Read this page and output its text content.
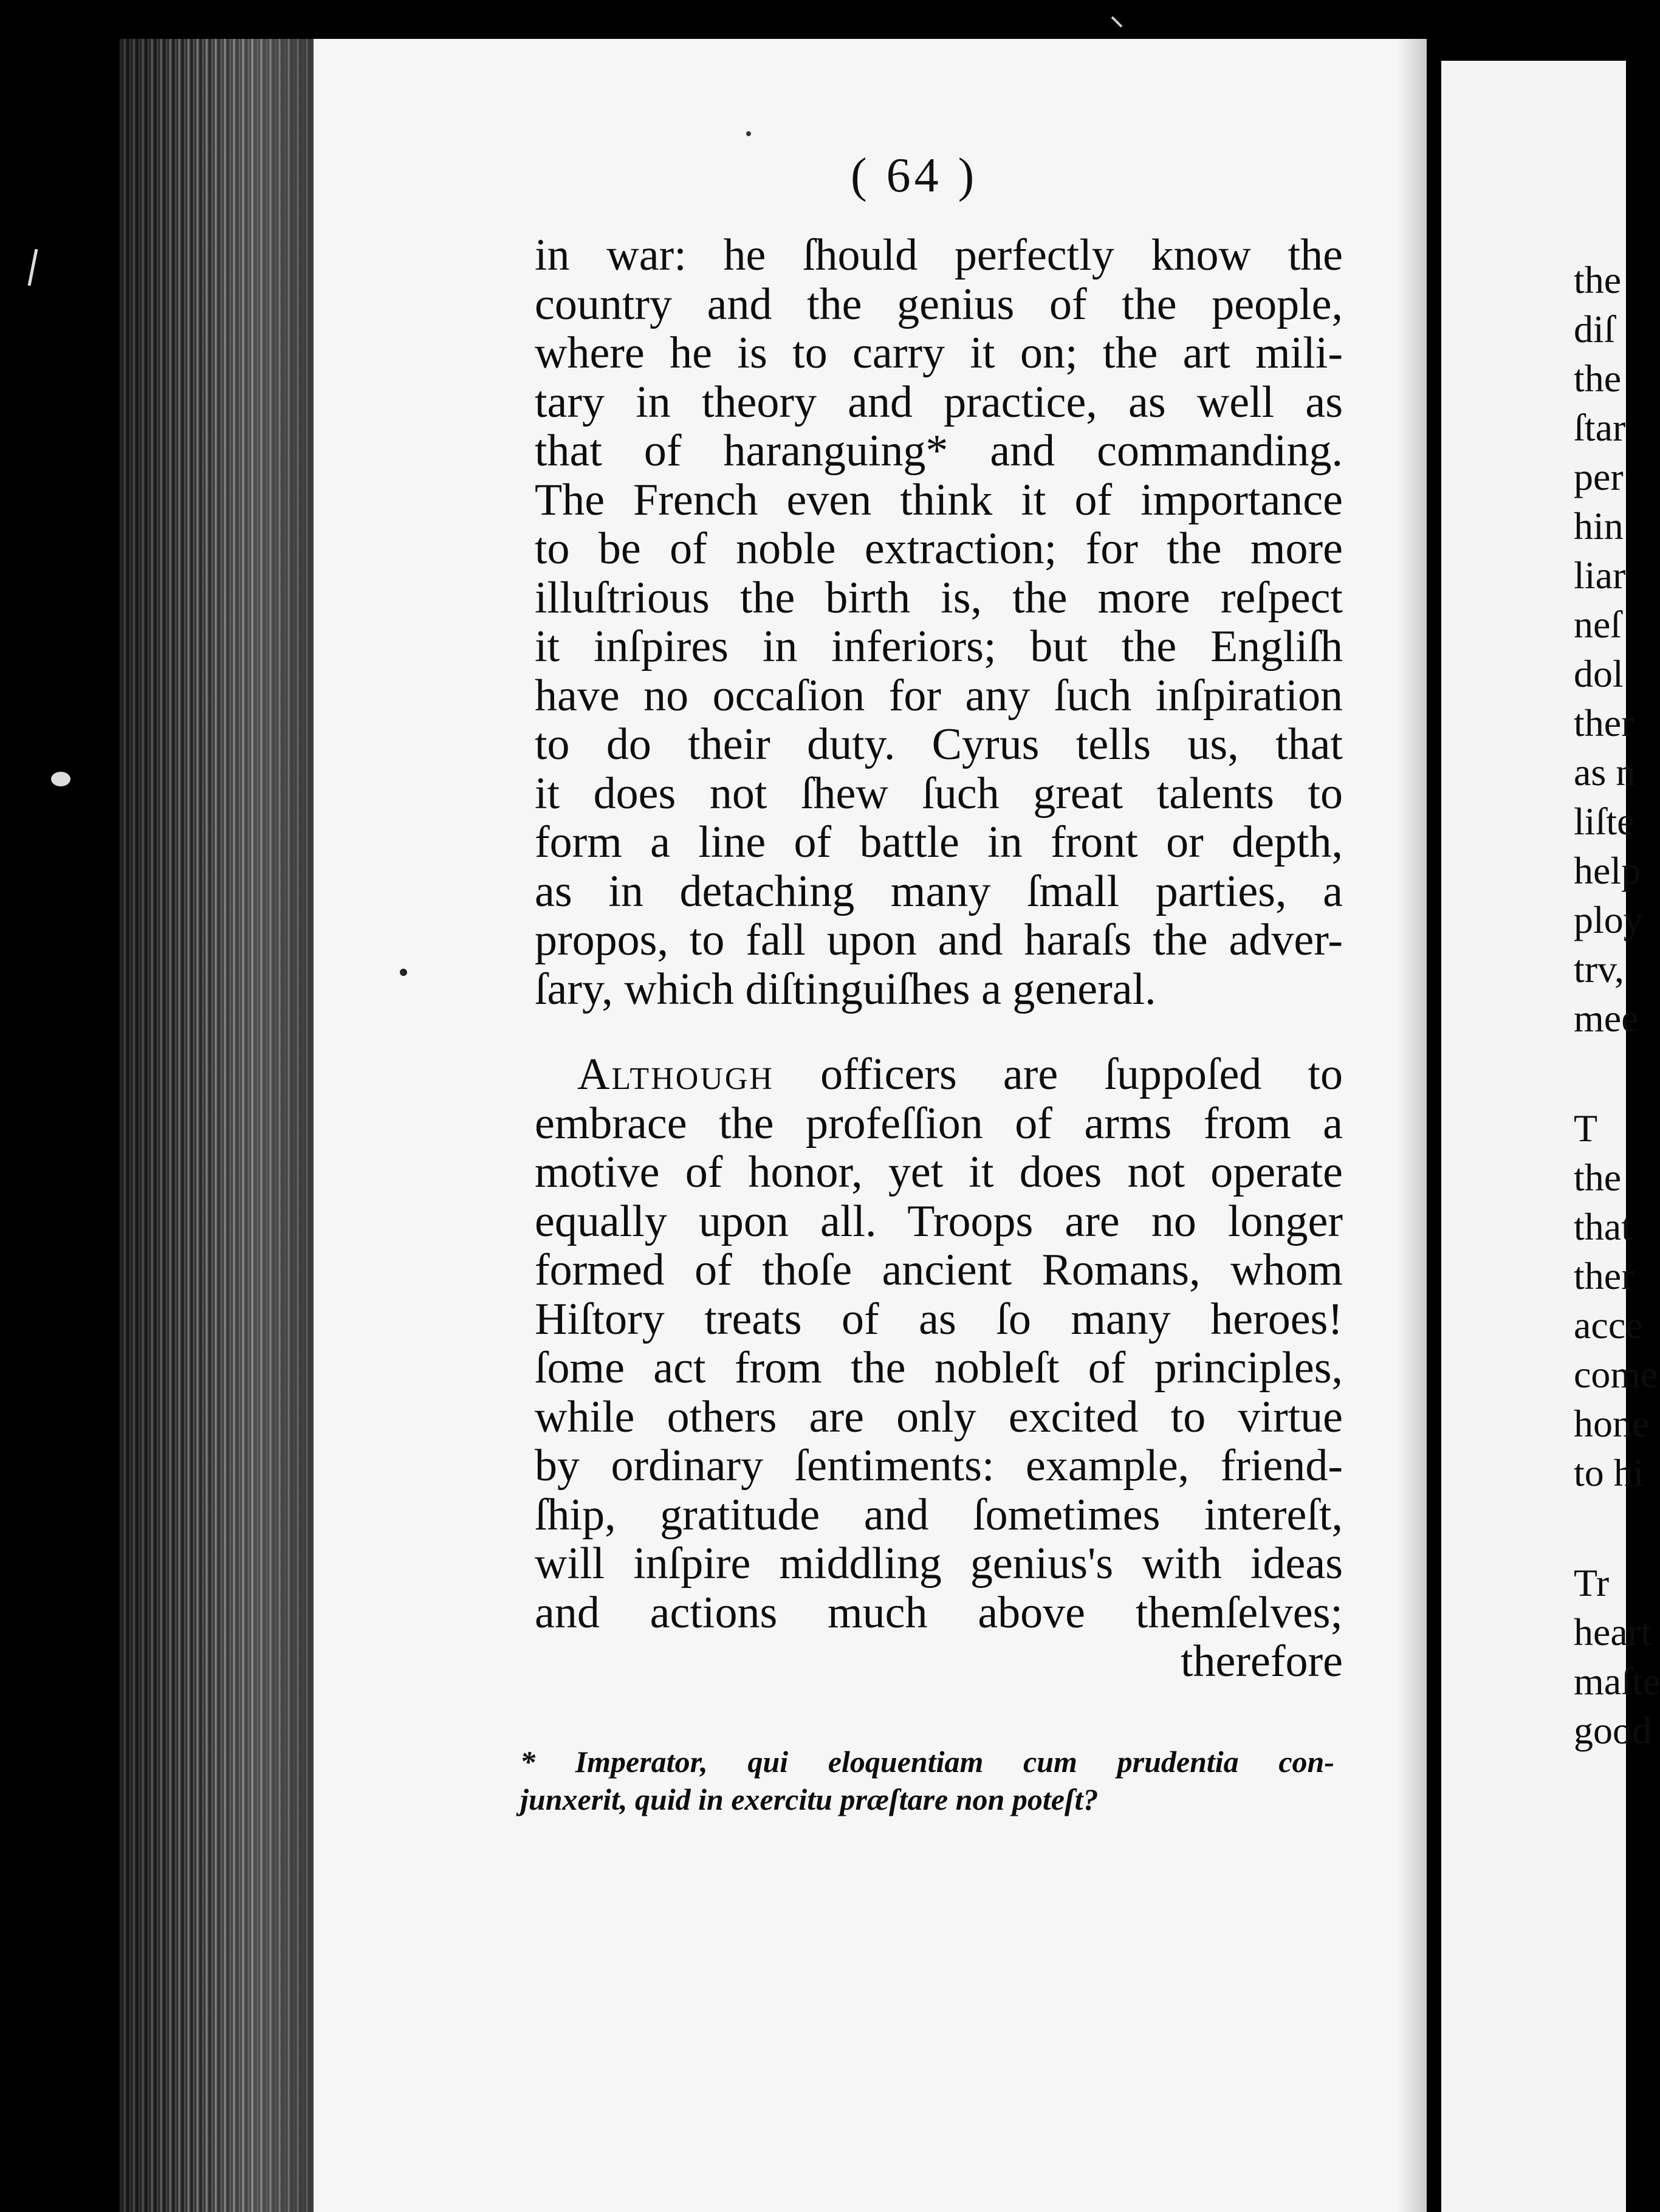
( 64 )
in war: he ſhould perfectly know the
country and the genius of the people,
where he is to carry it on; the art mili-
tary in theory and practice, as well as
that of haranguing* and commanding.
The French even think it of importance
to be of noble extraction; for the more
illuſtrious the birth is, the more reſpect
it inſpires in inferiors; but the Engliſh
have no occaſion for any ſuch inſpiration
to do their duty. Cyrus tells us, that
it does not ſhew ſuch great talents to
form a line of battle in front or depth,
as in detaching many ſmall parties, a
propos, to fall upon and haraſs the adver-
ſary, which diſtinguiſhes a general.
Although officers are ſuppoſed to
embrace the profeſſion of arms from a
motive of honor, yet it does not operate
equally upon all. Troops are no longer
formed of thoſe ancient Romans, whom
Hiſtory treats of as ſo many heroes!
ſome act from the nobleſt of principles,
while others are only excited to virtue
by ordinary ſentiments: example, friend-
ſhip, gratitude and ſometimes intereſt,
will inſpire middling genius's with ideas
and actions much above themſelves;
therefore
* Imperator, qui eloquentiam cum prudentia con-
junxerit, quid in exercitu præſtare non poteſt?
the
diſ
the
ſtar
per
hin
liar
neſ
dol
ther
as n
liſte
help
ploy
trv,
mee
T
the
that
ther
acce
come
hone
to hi
Tr
heart
maſte
good
